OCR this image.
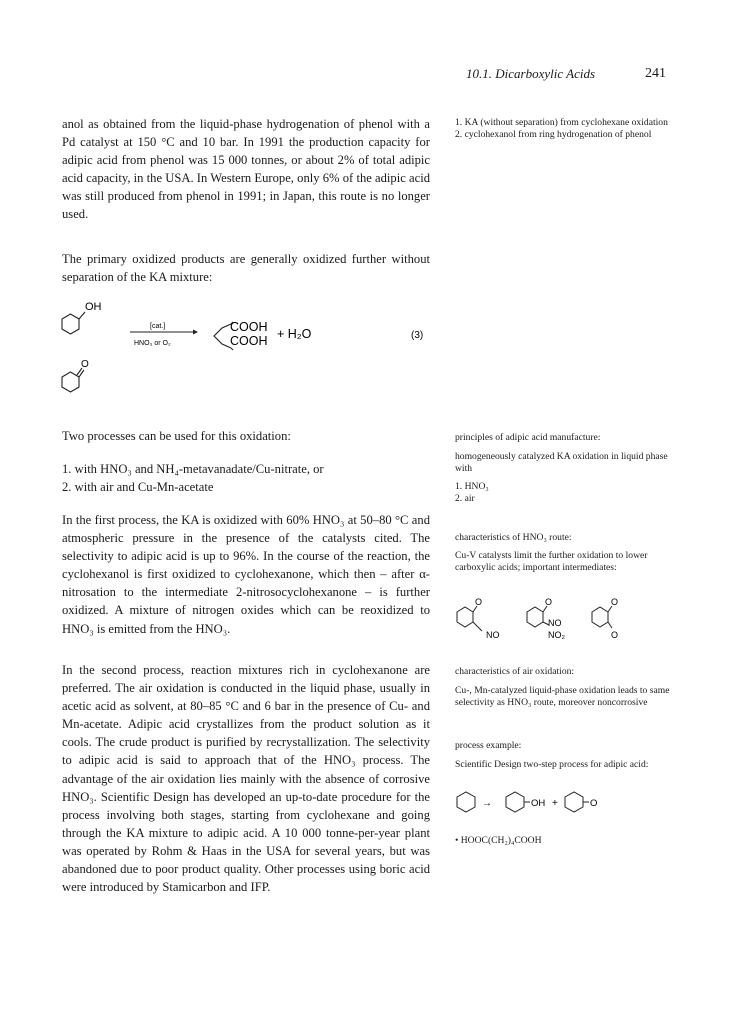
10.1. Dicarboxylic Acids	241

anol as obtained from the liquid-phase hydrogenation of phenol with a Pd catalyst at 150 °C and 10 bar. In 1991 the production capacity for adipic acid from phenol was 15 000 tonnes, or about 2% of total adipic acid capacity, in the USA. In Western Europe, only 6% of the adipic acid was still produced from phenol in 1991; in Japan, this route is no longer used.

The primary oxidized products are generally oxidized further without separation of the KA mixture:

OH
O
[cat.]
HNO₃ or O₂
COOH
COOH + H₂O	(3)

Two processes can be used for this oxidation:

1. with HNO₃ and NH₄-metavanadate/Cu-nitrate, or
2. with air and Cu-Mn-acetate

In the first process, the KA is oxidized with 60% HNO₃ at 50–80 °C and atmospheric pressure in the presence of the catalysts cited. The selectivity to adipic acid is up to 96%. In the course of the reaction, the cyclohexanol is first oxidized to cyclohexanone, which then – after α-nitrosation to the intermediate 2-nitrosocyclohexanone – is further oxidized. A mixture of nitrogen oxides which can be reoxidized to HNO₃ is emitted from the HNO₃.

In the second process, reaction mixtures rich in cyclohexanone are preferred. The air oxidation is conducted in the liquid phase, usually in acetic acid as solvent, at 80–85 °C and 6 bar in the presence of Cu- and Mn-acetate. Adipic acid crystallizes from the product solution as it cools. The crude product is purified by recrystallization. The selectivity to adipic acid is said to approach that of the HNO₃ process. The advantage of the air oxidation lies mainly with the absence of corrosive HNO₃. Scientific Design has developed an up-to-date procedure for the process involving both stages, starting from cyclohexane and going through the KA mixture to adipic acid. A 10 000 tonne-per-year plant was operated by Rohm & Haas in the USA for several years, but was abandoned due to poor product quality. Other processes using boric acid were introduced by Stamicarbon and IFP.

1. KA (without separation) from cyclohexane oxidation
2. cyclohexanol from ring hydrogenation of phenol

principles of adipic acid manufacture:

homogeneously catalyzed KA oxidation in liquid phase with

1. HNO₃

2. air

characteristics of HNO₃ route:

Cu-V catalysts limit the further oxidation to lower carboxylic acids; important intermediates:

O	O
NO
NO₂
NO
O
O

characteristics of air oxidation:

Cu-, Mn-catalyzed liquid-phase oxidation leads to same selectivity as HNO₃ route, moreover noncorrosive

process example:

Scientific Design two-step process for adipic acid:

→	OH +	O

• HOOC(CH₂)₄COOH
